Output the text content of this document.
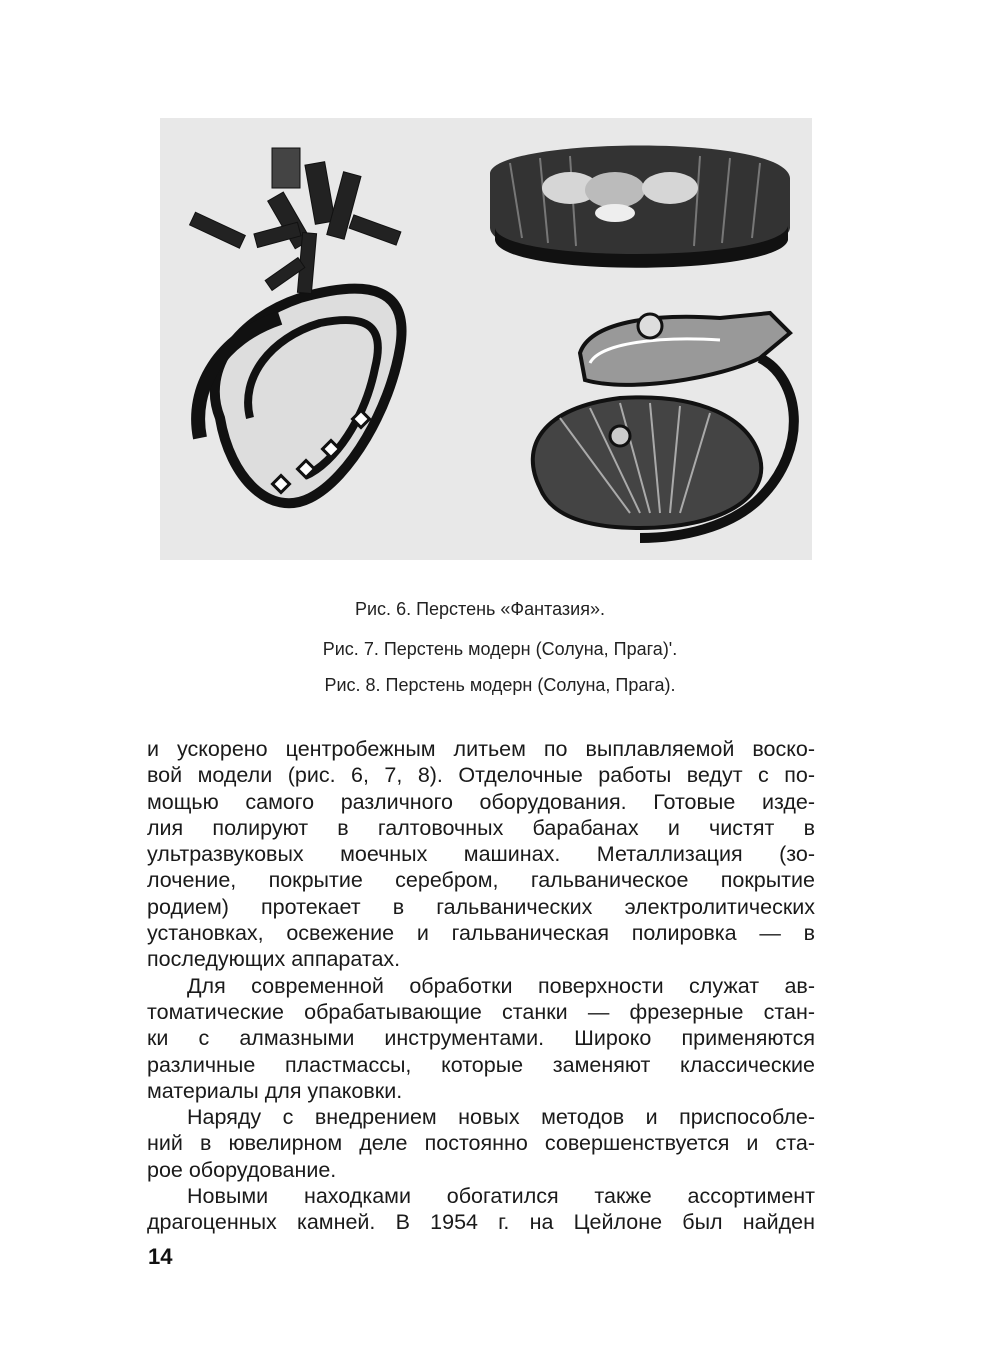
Рис. 6. Перстень «Фантазия».
Рис. 7. Перстень модерн (Солуна, Прага)'.
Рис. 8. Перстень модерн (Солуна, Прага).

и ускорено центробежным литьем по выплавляемой воско-
вой модели (рис. 6, 7, 8). Отделочные работы ведут с по-
мощью самого различного оборудования. Готовые изде-
лия полируют в галтовочных барабанах и чистят в
ультразвуковых моечных машинах. Металлизация (зо-
лочение, покрытие серебром, гальваническое покрытие
родием) протекает в гальванических электролитических
установках, освежение и гальваническая полировка — в
последующих аппаратах.

Для современной обработки поверхности служат ав-
томатические обрабатывающие станки — фрезерные стан-
ки с алмазными инструментами. Широко применяются
различные пластмассы, которые заменяют классические
материалы для упаковки.

Наряду с внедрением новых методов и приспособле-
ний в ювелирном деле постоянно совершенствуется и ста-
рое оборудование.

Новыми находками обогатился также ассортимент
драгоценных камней. В 1954 г. на Цейлоне был найден

14
